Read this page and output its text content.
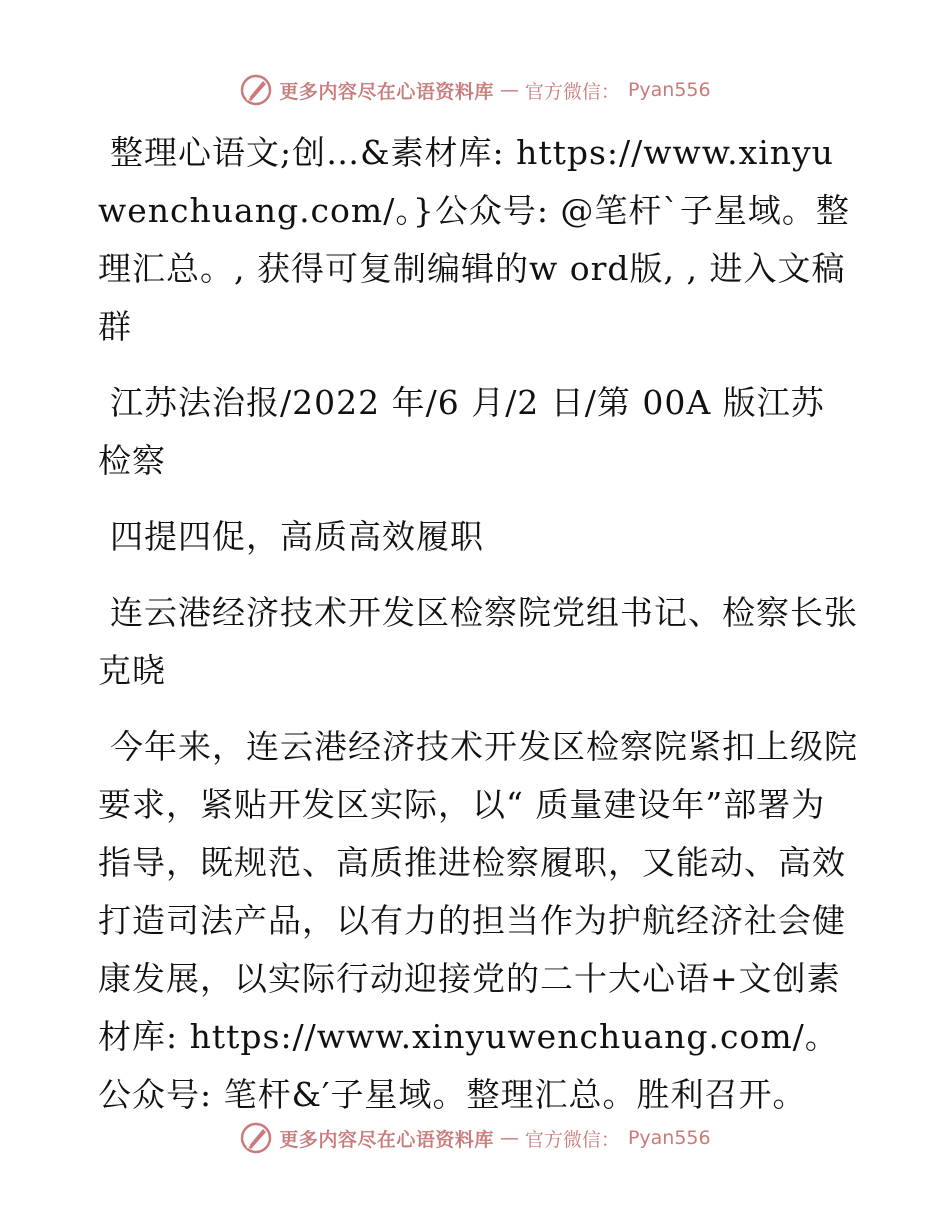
更多内容尽在心语资料库 — 官方微信： Pyan556

整理心语文;创…&素材库: https://www.xinyuwenchuang.com/。}公众号: @笔杆`子星域。整理汇总。, 获得可复制编辑的w ord版, , 进入文稿群

江苏法治报/2022 年/6 月/2 日/第 00A 版江苏检察

四提四促，高质高效履职

连云港经济技术开发区检察院党组书记、检察长张克晓

今年来，连云港经济技术开发区检察院紧扣上级院要求，紧贴开发区实际，以“ 质量建设年”部署为指导，既规范、高质推进检察履职，又能动、高效打造司法产品，以有力的担当作为护航经济社会健康发展，以实际行动迎接党的二十大心语+文创素材库: https://www.xinyuwenchuang.com/。公众号: 笔杆&′子星域。整理汇总。胜利召开。

更多内容尽在心语资料库 — 官方微信： Pyan556
